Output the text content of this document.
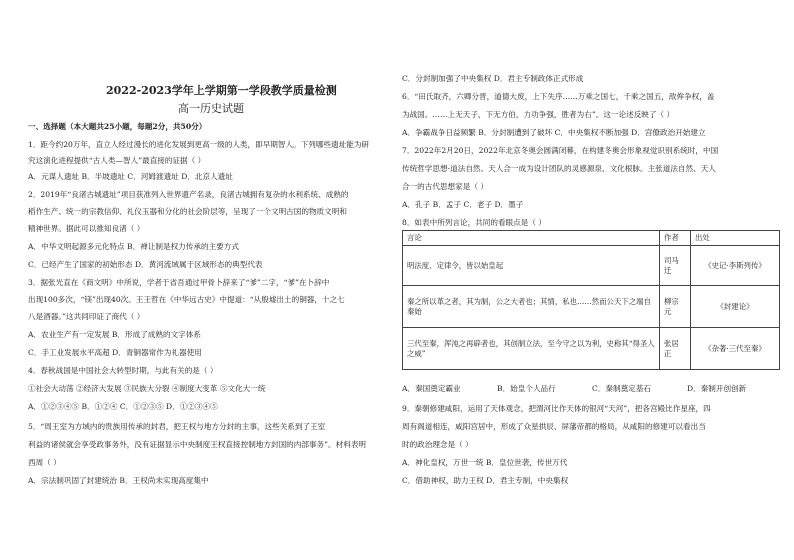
2022-2023学年上学期第一学段教学质量检测
高一历史试题
一、选择题（本大题共25小题，每题2分，共50分）
1．距今约20万年，直立人经过漫长的进化发展到更高一级的人类，即早期智人。下列哪些遗址能为研
究这演化进程提供“古人类—智人”最直接的证据（ ）
A．元谋人遗址 B．半坡遗址 C．河姆渡遗址 D．北京人遗址
2．2019年“良渚古城遗址”项目获准列入世界遗产名录，良渚古城拥有复杂的水利系统、成熟的
稻作生产、统一的宗教信仰、礼仪玉器和分化的社会阶层等，呈现了一个文明古国的物质文明和
精神世界。据此可以推知良渚（ ）
A．中华文明起源多元化特点 B．禅让制是权力传承的主要方式
C．已经产生了国家的初始形态 D．黄河流域属于区域形态的典型代表
3．据张光直在《商文明》中所说，学者于省吾通过甲骨卜辞来了“爹”二字，“爹”在卜辞中
出现100多次，“镁”出现40次。王王哲在《中华远古史》中提道：“从殷墟出土的铜器，十之七
八是酒器。”这共同印证了商代（ ）
A．农业生产有一定发展 B．形成了成熟的文字体系
C．手工业发展水平高超 D．青铜器常作为礼器使用
4．春秋战国是中国社会大转型时期，与此有关的是（ ）
①社会大动荡 ②经济大发展 ③民族大分裂 ④制度大变革 ⑤文化大一统
A．①②③④⑤ B．①②④ C．①②③⑤ D．①②③④⑤
5．“周王室为方域内的贵族用传承的封君，把王权与地方分封的主事，这些关系到了王室
利益的诸侯就会享受政事务外，没有证据显示中央制度王权直接控制地方封国的内部事务”。材料表明
西周（ ）
A．宗法制巩固了封建统治 B．王权尚未实现高度集中
C．分封制加强了中央集权 D．君主专制政体正式形成
6．“田氏取齐，六卿分晋，道德大废，上下失序……万乘之国七，千乘之国五，敌侔争权，盖
为战国。……上无天子，下无方伯，力功争强，胜者为右”。这一论述反映了（ ）
A．争霸战争日益频繁 B．分封制遭到了破坏 C．中央集权不断加强 D．宫僚政治开始建立
7．2022年2月20日，2022年北京冬奥会圆满闭幕，在构建冬奥会形象视觉识别系统时，中国
传统哲学思想-道法自然、天人合一成为设计团队的灵感源泉、文化根脉。主张道法自然、天人
合一的古代思想家是（ ）
A．孔子 B．孟子 C．老子 D．墨子
8．如表中所列言论，共同的看眼点是（ ）
言论	作者	出处
明法度、定律令，皆以始皇起	司马迁	《史记·李斯列传》
秦之所以革之者，其为制，公之大者也；其情，私也……然而公天下之端自秦始	柳宗元	《封建论》
三代至秦，浑沌之再辟者也，其创制立法，至今守之以为利，史称其“得圣人之威”	张居正	《杂著·三代至秦》
A．秦国奠定霸业	B．始皇个人品行	C．秦制奠定基石	D．秦制开创创新
9．秦朝修建咸阳，运用了天体观念，把渭河比作天体的银河“天河”，把各宫殿比作星座，四
周有阁道相连，咸阳宫居中，形成了众星拱辰、屏藩帝都的格局，从咸阳的修建可以看出当
时的政治理念是（ ）
A．神化皇权，万世一统 B．皇位世袭，传世万代
C．借助神权，助力王权 D．君主专制，中央集权
